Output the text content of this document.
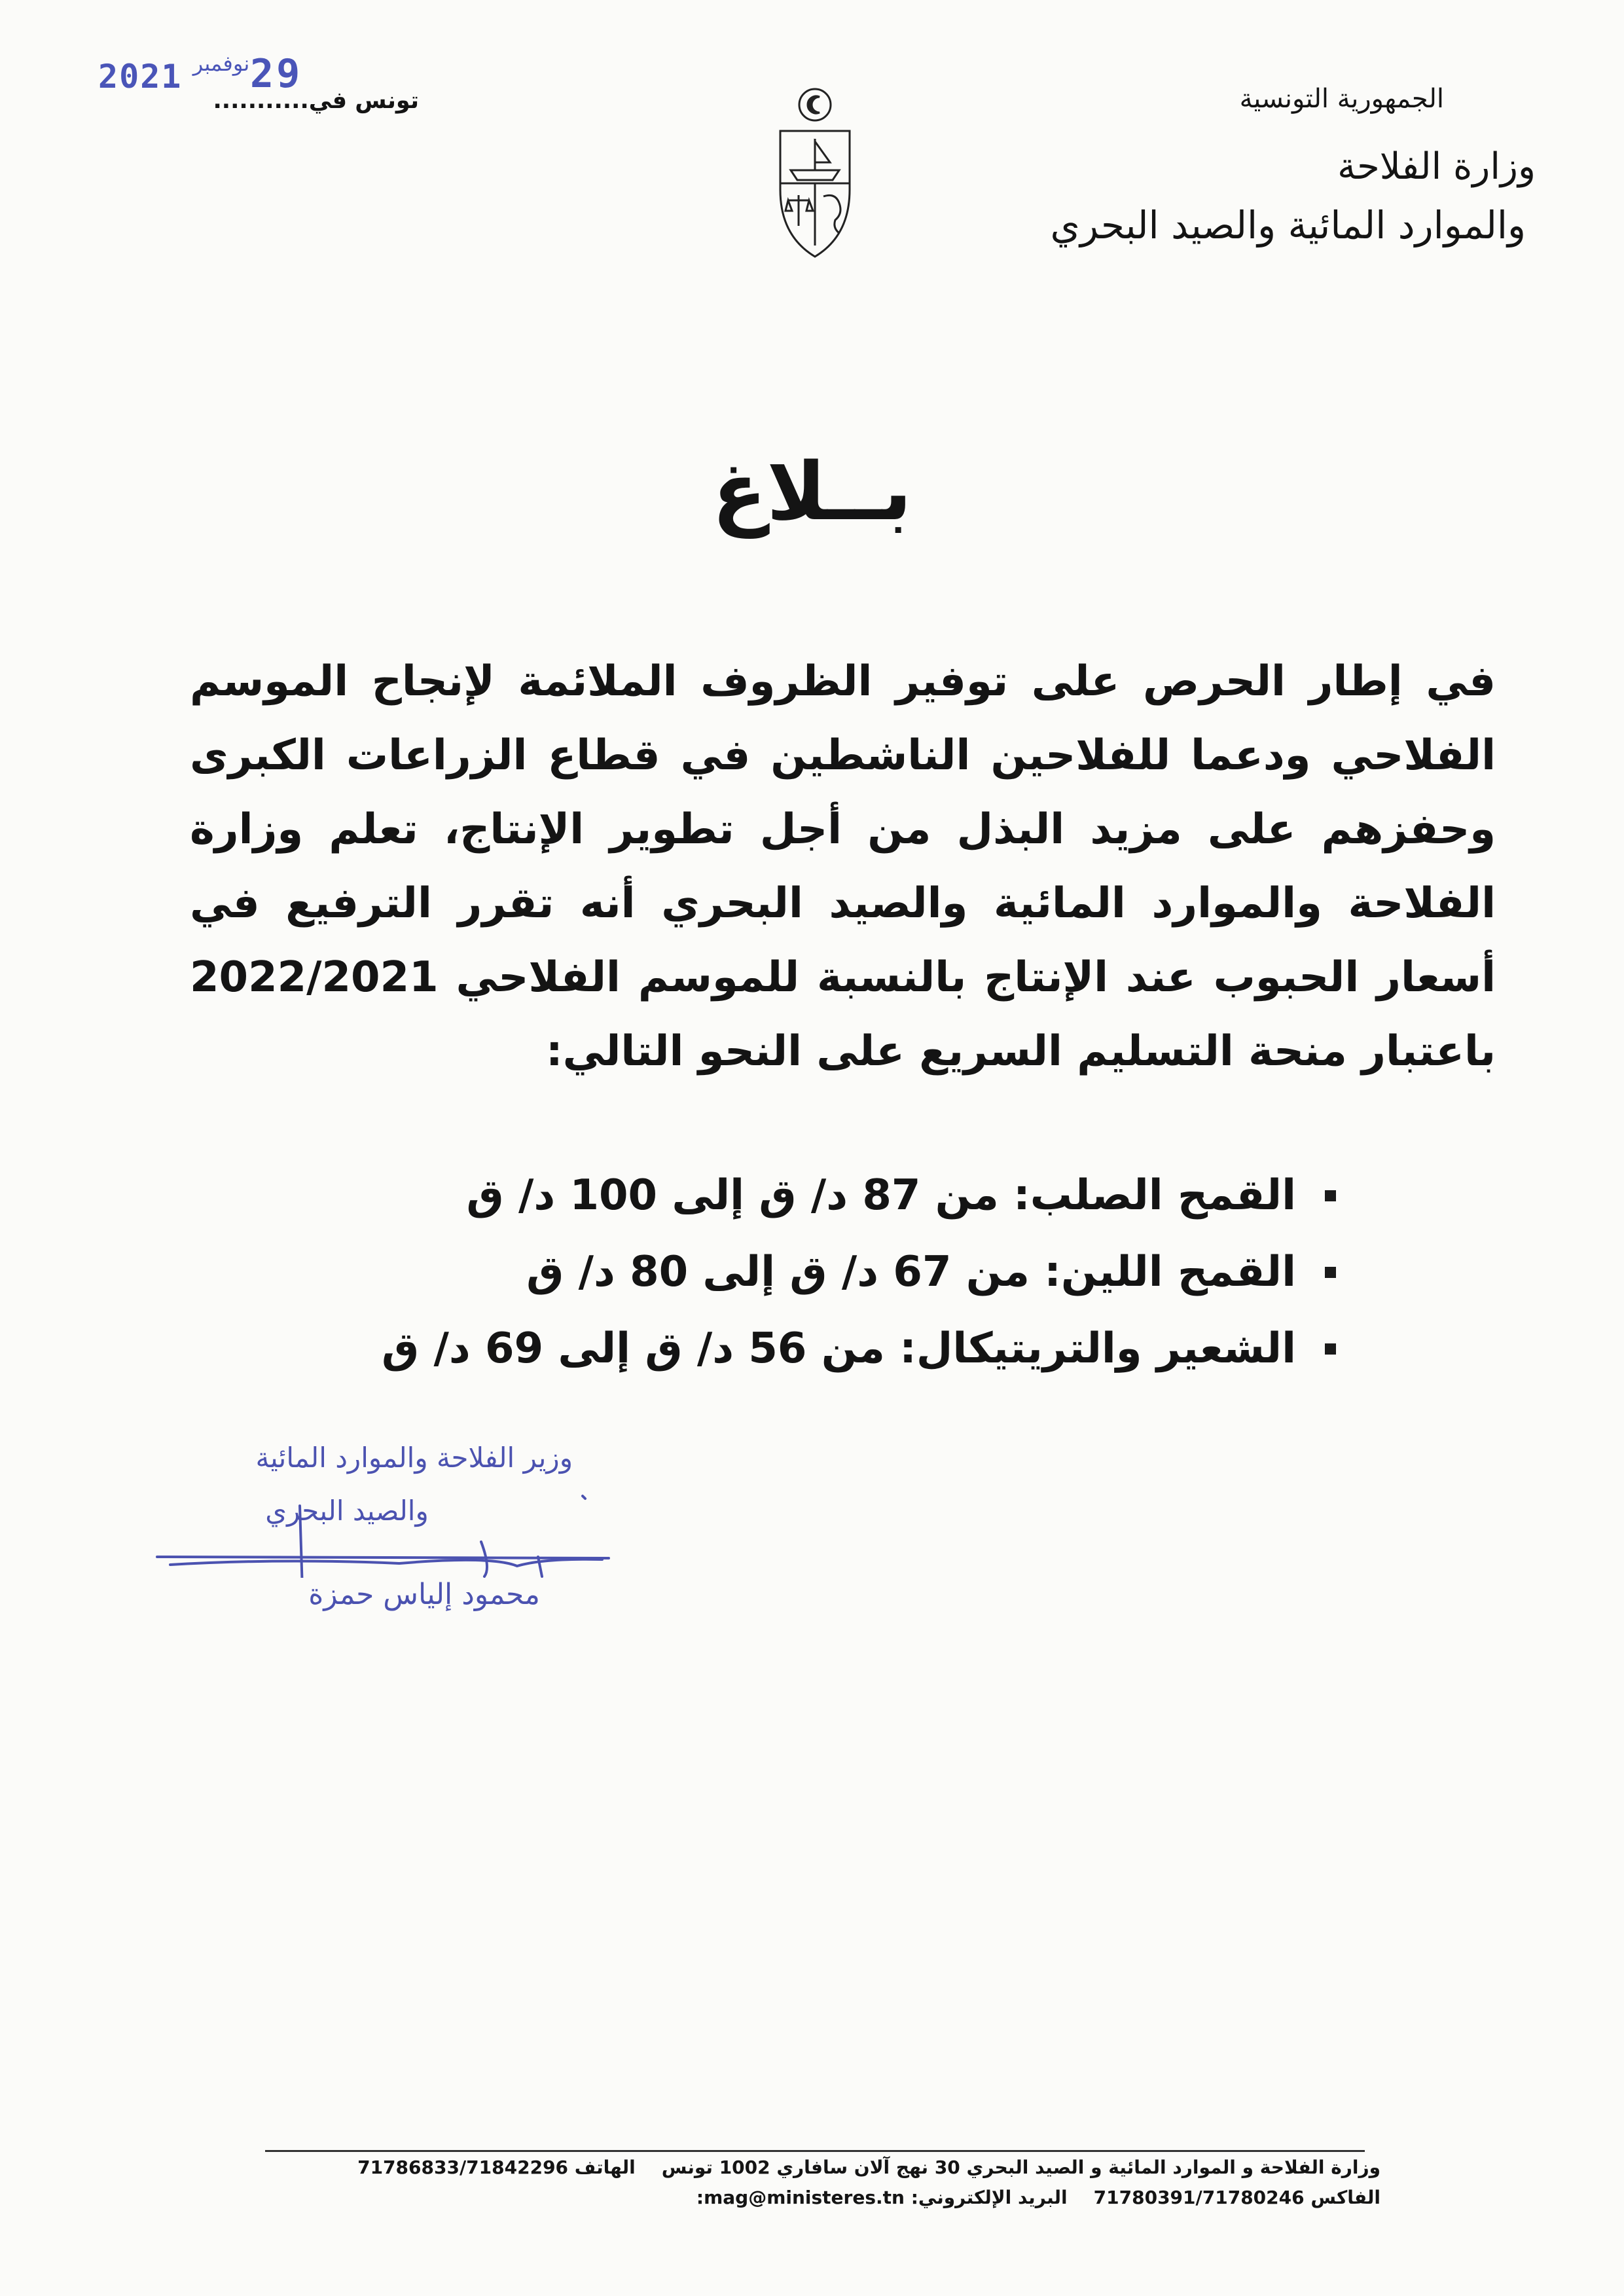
2021 نوفمبر 29
تونس في...........	الجمهورية التونسية
وزارة الفلاحة
والموارد المائية والصيد البحري
بــلاغ
في إطار الحرص على توفير الظروف الملائمة لإنجاح الموسم الفلاحي ودعما للفلاحين الناشطين في قطاع الزراعات الكبرى وحفزهم على مزيد البذل من أجل تطوير الإنتاج، تعلم وزارة الفلاحة والموارد المائية والصيد البحري أنه تقرر الترفيع في أسعار الحبوب عند الإنتاج بالنسبة للموسم الفلاحي 2022/2021 باعتبار منحة التسليم السريع على النحو التالي:
القمح الصلب: من 87 د/ ق إلى 100 د/ ق
القمح اللين: من 67 د/ ق إلى 80 د/ ق
الشعير والتريتيكال: من 56 د/ ق إلى 69 د/ ق
وزير الفلاحة والموارد المائية
والصيد البحري
محمود إلياس حمزة
وزارة الفلاحة و الموارد المائية و الصيد البحري 30 نهج آلان سافاري 1002 تونسالهاتف 71786833/71842296
الفاكس 71780391/71780246البريد الإلكتروني: mag@ministeres.tn:
